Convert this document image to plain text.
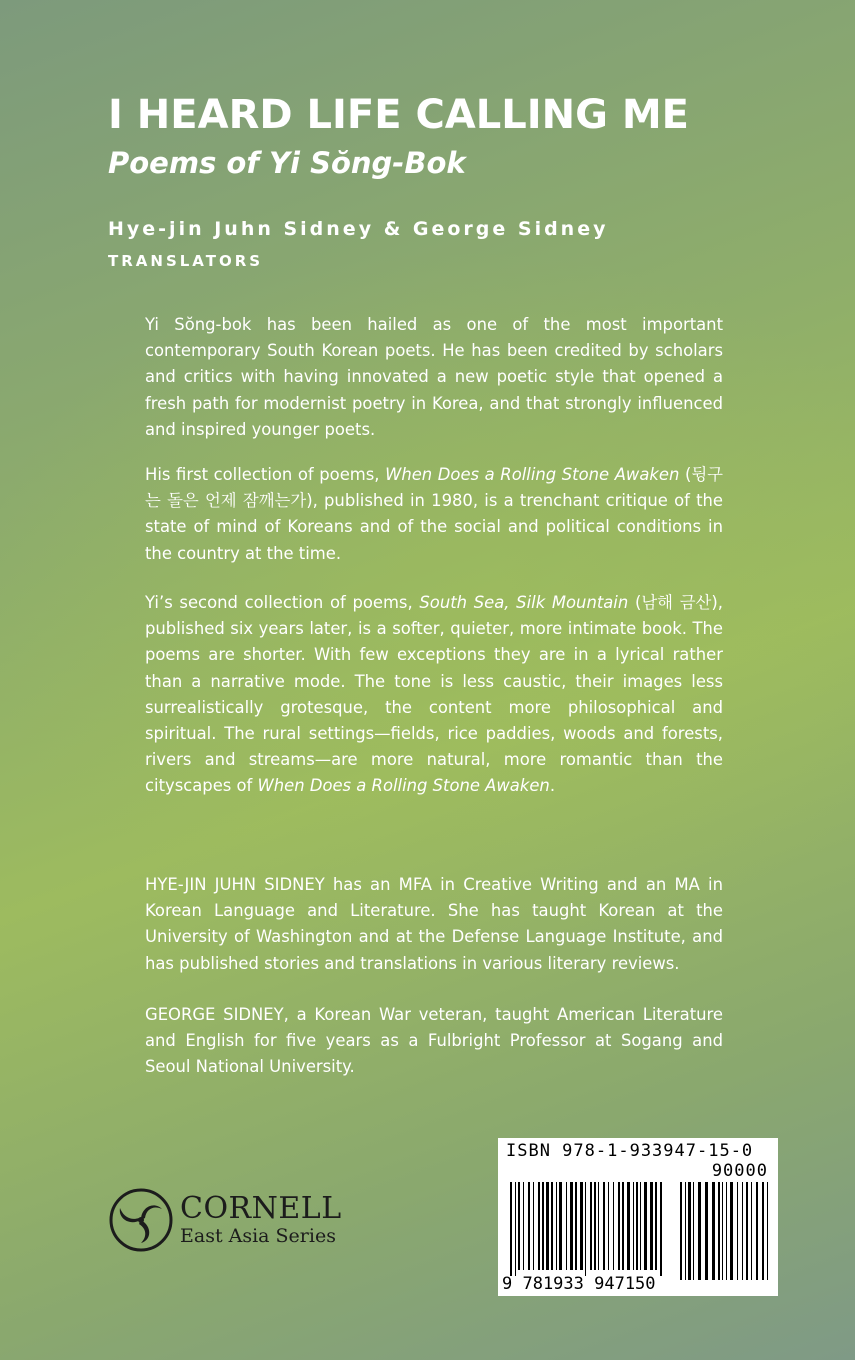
I HEARD LIFE CALLING ME
Poems of Yi Sŏng-Bok
Hye-jin Juhn Sidney & George Sidney
TRANSLATORS

Yi Sŏng-bok has been hailed as one of the most important contemporary South Korean poets. He has been credited by scholars and critics with having innovated a new poetic style that opened a fresh path for modernist poetry in Korea, and that strongly influenced and inspired younger poets.

His first collection of poems, When Does a Rolling Stone Awaken (뒹구는 돌은 언제 잠깨는가), published in 1980, is a trenchant critique of the state of mind of Koreans and of the social and political conditions in the country at the time.

Yi’s second collection of poems, South Sea, Silk Mountain (남해 금산), published six years later, is a softer, quieter, more intimate book. The poems are shorter. With few exceptions they are in a lyrical rather than a narrative mode. The tone is less caustic, their images less surrealistically grotesque, the content more philosophical and spiritual. The rural settings—fields, rice paddies, woods and forests, rivers and streams—are more natural, more romantic than the cityscapes of When Does a Rolling Stone Awaken.

HYE-JIN JUHN SIDNEY has an MFA in Creative Writing and an MA in Korean Language and Literature. She has taught Korean at the University of Washington and at the Defense Language Institute, and has published stories and translations in various literary reviews.

GEORGE SIDNEY, a Korean War veteran, taught American Literature and English for five years as a Fulbright Professor at Sogang and Seoul National University.

CORNELL
East Asia Series
ISBN 978-1-933947-15-0
90000
9 781933 947150
